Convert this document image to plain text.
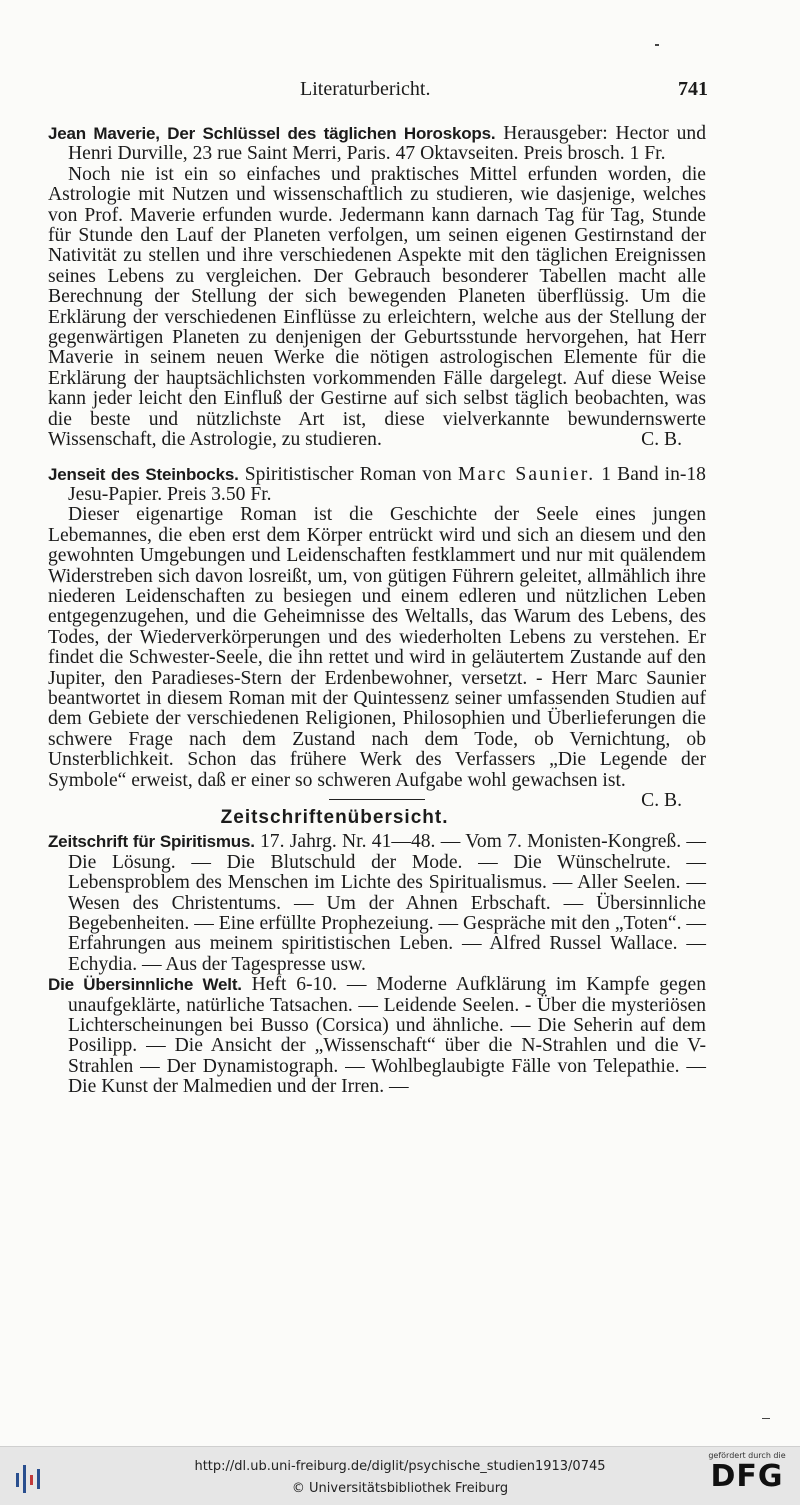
Literaturbericht.	741

Jean Maverie, Der Schlüssel des täglichen Horoskops. Herausgeber: Hector und Henri Durville, 23 rue Saint Merri, Paris. 47 Oktavseiten. Preis brosch. 1 Fr.

Noch nie ist ein so einfaches und praktisches Mittel erfunden worden, die Astrologie mit Nutzen und wissenschaftlich zu studieren, wie dasjenige, welches von Prof. Maverie erfunden wurde. Jedermann kann darnach Tag für Tag, Stunde für Stunde den Lauf der Planeten verfolgen, um seinen eigenen Gestirnstand der Nativität zu stellen und ihre verschiedenen Aspekte mit den täglichen Ereignissen seines Lebens zu vergleichen. Der Gebrauch besonderer Tabellen macht alle Berechnung der Stellung der sich bewegenden Planeten überflüssig. Um die Erklärung der verschiedenen Einflüsse zu erleichtern, welche aus der Stellung der gegenwärtigen Planeten zu denjenigen der Geburtsstunde hervorgehen, hat Herr Maverie in seinem neuen Werke die nötigen astrologischen Elemente für die Erklärung der hauptsächlichsten vorkommenden Fälle dargelegt. Auf diese Weise kann jeder leicht den Einfluß der Gestirne auf sich selbst täglich beobachten, was die beste und nützlichste Art ist, diese vielverkannte bewundernswerte Wissenschaft, die Astrologie, zu studieren.	C. B.

Jenseit des Steinbocks. Spiritistischer Roman von Marc Saunier. 1 Band in-18 Jesu-Papier. Preis 3.50 Fr.

Dieser eigenartige Roman ist die Geschichte der Seele eines jungen Lebemannes, die eben erst dem Körper entrückt wird und sich an diesem und den gewohnten Umgebungen und Leidenschaften festklammert und nur mit quälendem Widerstreben sich davon losreißt, um, von gütigen Führern geleitet, allmählich ihre niederen Leidenschaften zu besiegen und einem edleren und nützlichen Leben entgegenzugehen, und die Geheimnisse des Weltalls, das Warum des Lebens, des Todes, der Wiederverkörperungen und des wiederholten Lebens zu verstehen. Er findet die Schwester-Seele, die ihn rettet und wird in geläutertem Zustande auf den Jupiter, den Paradieses-Stern der Erdenbewohner, versetzt. - Herr Marc Saunier beantwortet in diesem Roman mit der Quintessenz seiner umfassenden Studien auf dem Gebiete der verschiedenen Religionen, Philosophien und Überlieferungen die schwere Frage nach dem Zustand nach dem Tode, ob Vernichtung, ob Unsterblichkeit. Schon das frühere Werk des Verfassers „Die Legende der Symbole“ erweist, daß er einer so schweren Aufgabe wohl gewachsen ist.
C. B.

Zeitschriftenübersicht.

Zeitschrift für Spiritismus. 17. Jahrg. Nr. 41—48. — Vom 7. Monisten-Kongreß. — Die Lösung. — Die Blutschuld der Mode. — Die Wünschelrute. — Lebensproblem des Menschen im Lichte des Spiritualismus. — Aller Seelen. — Wesen des Christentums. — Um der Ahnen Erbschaft. — Übersinnliche Begebenheiten. — Eine erfüllte Prophezeiung. — Gespräche mit den „Toten“. — Erfahrungen aus meinem spiritistischen Leben. — Alfred Russel Wallace. — Echydia. — Aus der Tagespresse usw.

Die Übersinnliche Welt. Heft 6-10. — Moderne Aufklärung im Kampfe gegen unaufgeklärte, natürliche Tatsachen. — Leidende Seelen. - Über die mysteriösen Lichterscheinungen bei Busso (Corsica) und ähnliche. — Die Seherin auf dem Posilipp. — Die Ansicht der „Wissenschaft“ über die N-Strahlen und die V-Strahlen — Der Dynamistograph. — Wohlbeglaubigte Fälle von Telepathie. — Die Kunst der Malmedien und der Irren. —

http://dl.ub.uni-freiburg.de/diglit/psychische_studien1913/0745
© Universitätsbibliothek Freiburg
gefördert durch die
DFG
